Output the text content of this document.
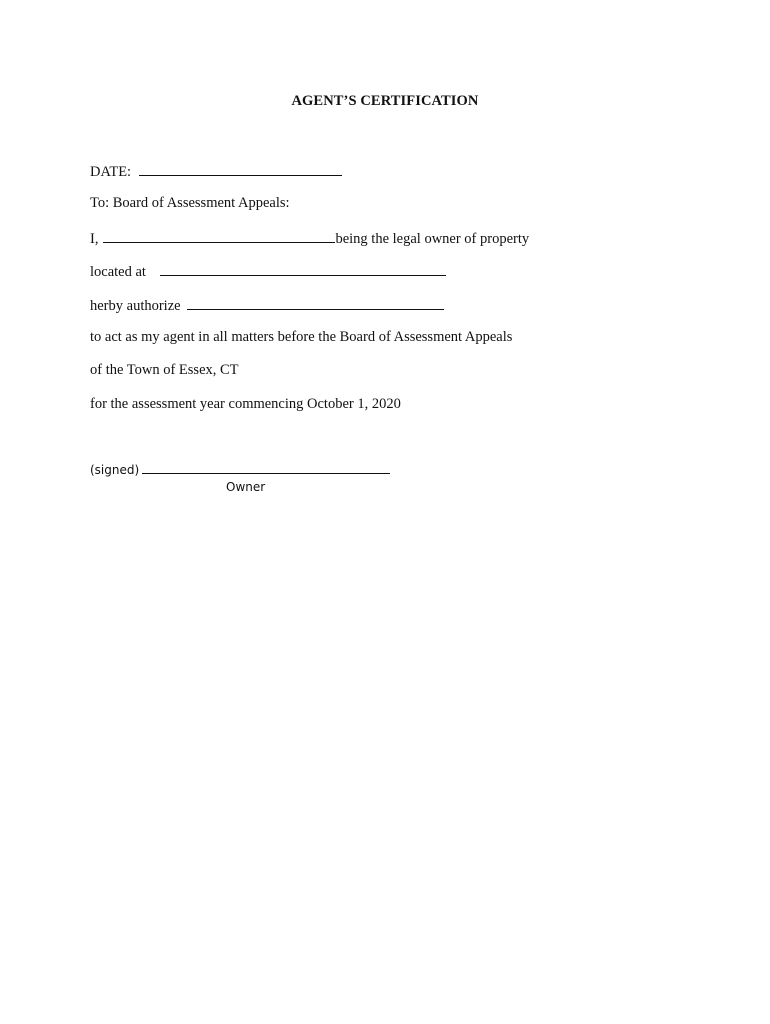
AGENT’S CERTIFICATION
DATE:
To: Board of Assessment Appeals:
I,	being the legal owner of property
located at
herby authorize
to act as my agent in all matters before the Board of Assessment Appeals
of the Town of Essex, CT
for the assessment year commencing October 1, 2020
(signed)
Owner
